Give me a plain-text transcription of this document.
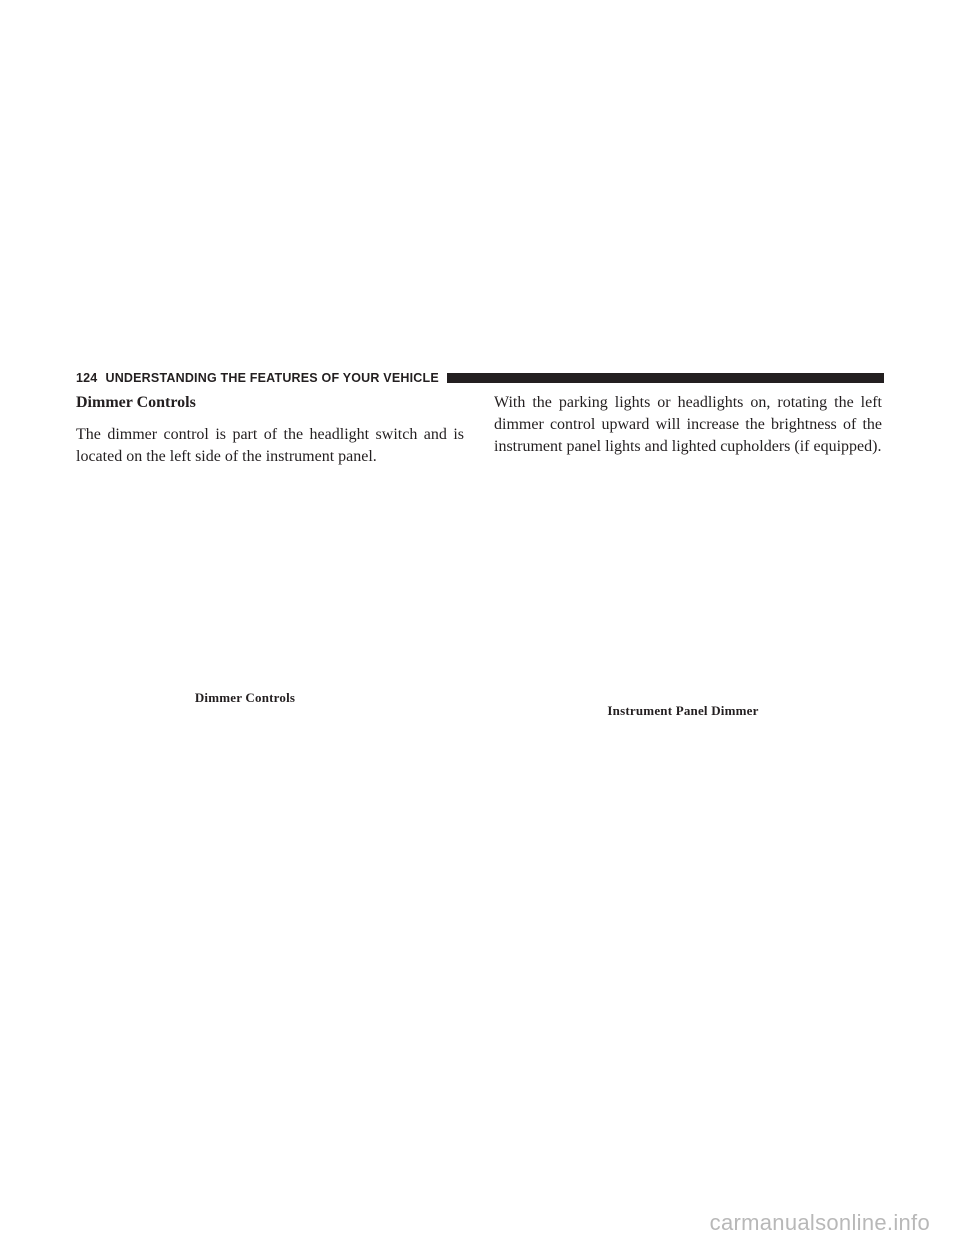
124 UNDERSTANDING THE FEATURES OF YOUR VEHICLE
Dimmer Controls

The dimmer control is part of the headlight switch and is located on the left side of the instrument panel.

With the parking lights or headlights on, rotating the left dimmer control upward will increase the brightness of the instrument panel lights and lighted cupholders (if equipped).

Dimmer Controls
Instrument Panel Dimmer
carmanualsonline.info
